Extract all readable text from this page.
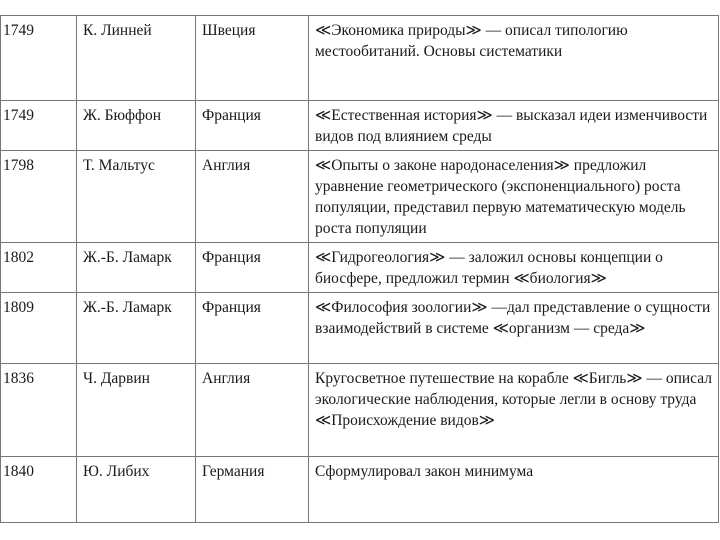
1749	К. Линней	Швеция	≪Экономика природы≫ — описал типологию местообитаний. Основы систематики
1749	Ж. Бюффон	Франция	≪Естественная история≫ — высказал идеи изменчивости видов под влиянием среды
1798	Т. Мальтус	Англия	≪Опыты о законе народонаселения≫ предложил уравнение геометрического (экспоненциального) роста популяции, представил первую математическую модель роста популяции
1802	Ж.-Б. Ламарк	Франция	≪Гидрогеология≫ — заложил основы концепции о биосфере, предложил термин ≪биология≫
1809	Ж.-Б. Ламарк	Франция	≪Философия зоологии≫ —дал представление о сущности взаимодействий в системе ≪организм — среда≫
1836	Ч. Дарвин	Англия	Кругосветное путешествие на корабле ≪Бигль≫ — описал экологические наблюдения, которые легли в основу труда ≪Происхождение видов≫
1840	Ю. Либих	Германия	Сформулировал закон минимума
